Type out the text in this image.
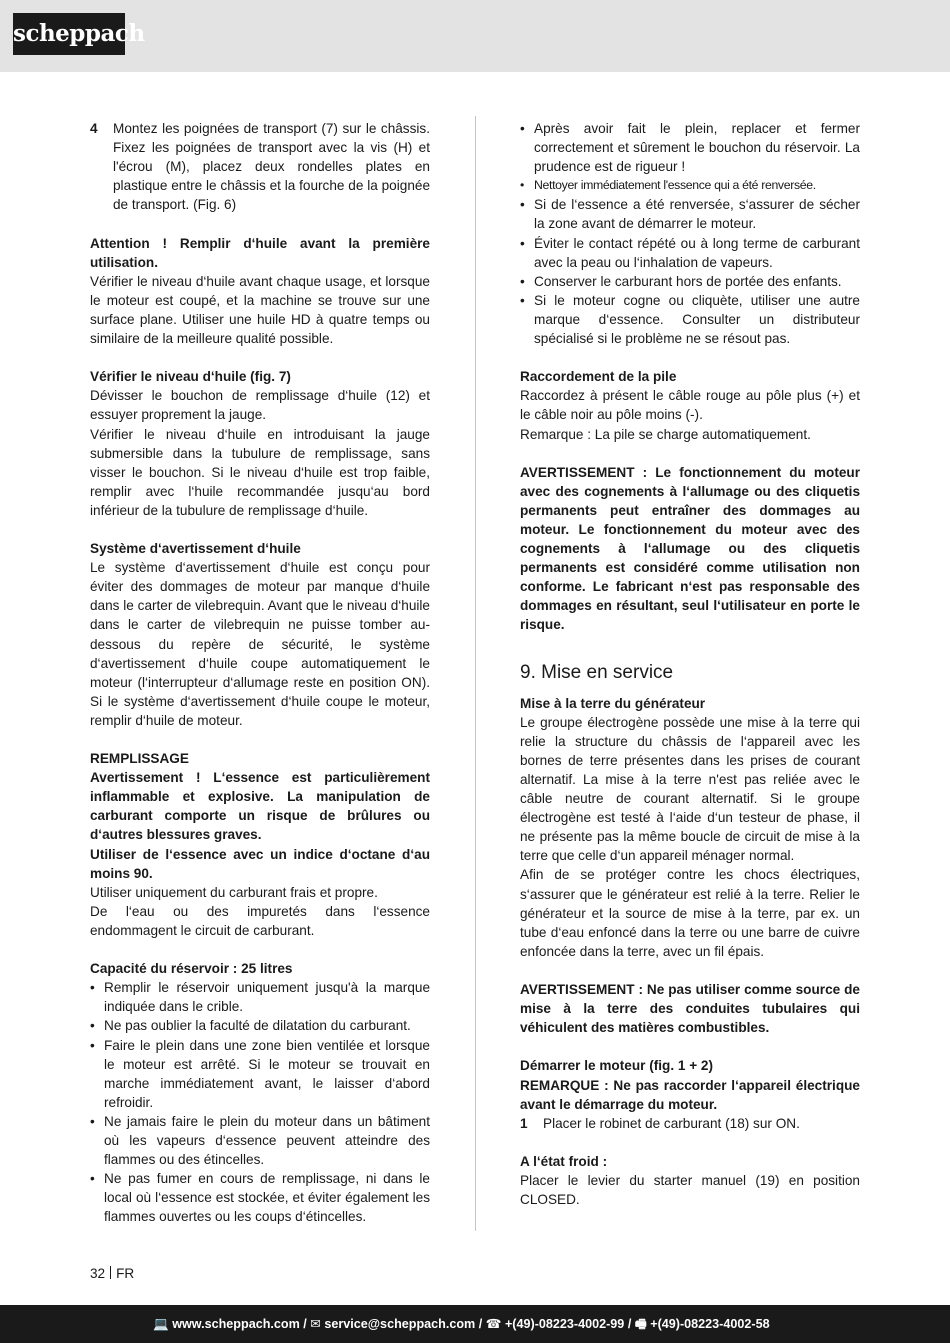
scheppach
4	Montez les poignées de transport (7) sur le châssis. Fixez les poignées de transport avec la vis (H) et l'écrou (M), placez deux rondelles plates en plastique entre le châssis et la fourche de la poignée de transport. (Fig. 6)

Attention ! Remplir d‘huile avant la première utilisation.

Vérifier le niveau d‘huile avant chaque usage, et lorsque le moteur est coupé, et la machine se trouve sur une surface plane. Utiliser une huile HD à quatre temps ou similaire de la meilleure qualité possible.

Vérifier le niveau d‘huile (fig. 7)

Dévisser le bouchon de remplissage d‘huile (12) et essuyer proprement la jauge.

Vérifier le niveau d‘huile en introduisant la jauge submersible dans la tubulure de remplissage, sans visser le bouchon. Si le niveau d‘huile est trop faible, remplir avec l‘huile recommandée jusqu‘au bord inférieur de la tubulure de remplissage d‘huile.

Système d‘avertissement d‘huile

Le système d‘avertissement d‘huile est conçu pour éviter des dommages de moteur par manque d‘huile dans le carter de vilebrequin. Avant que le niveau d‘huile dans le carter de vilebrequin ne puisse tomber au-dessous du repère de sécurité, le système d‘avertissement d‘huile coupe automatiquement le moteur (l‘interrupteur d‘allumage reste en position ON). Si le système d‘avertissement d‘huile coupe le moteur, remplir d‘huile de moteur.

REMPLISSAGE

Avertissement ! L‘essence est particulièrement inflammable et explosive. La manipulation de carburant comporte un risque de brûlures ou d‘autres blessures graves.

Utiliser de l‘essence avec un indice d‘octane d‘au moins 90.

Utiliser uniquement du carburant frais et propre.

De l‘eau ou des impuretés dans l‘essence endommagent le circuit de carburant.

Capacité du réservoir : 25 litres

• Remplir le réservoir uniquement jusqu'à la marque indiquée dans le crible.
• Ne pas oublier la faculté de dilatation du carburant.
• Faire le plein dans une zone bien ventilée et lorsque le moteur est arrêté. Si le moteur se trouvait en marche immédiatement avant, le laisser d‘abord refroidir.
• Ne jamais faire le plein du moteur dans un bâtiment où les vapeurs d‘essence peuvent atteindre des flammes ou des étincelles.
• Ne pas fumer en cours de remplissage, ni dans le local où l‘essence est stockée, et éviter également les flammes ouvertes ou les coups d‘étincelles.
• Après avoir fait le plein, replacer et fermer correctement et sûrement le bouchon du réservoir. La prudence est de rigueur !
• Nettoyer immédiatement l'essence qui a été renversée.
• Si de l‘essence a été renversée, s‘assurer de sécher la zone avant de démarrer le moteur.
• Éviter le contact répété ou à long terme de carburant avec la peau ou l‘inhalation de vapeurs.
• Conserver le carburant hors de portée des enfants.
• Si le moteur cogne ou cliquète, utiliser une autre marque d‘essence. Consulter un distributeur spécialisé si le problème ne se résout pas.

Raccordement de la pile

Raccordez à présent le câble rouge au pôle plus (+) et le câble noir au pôle moins (-).

Remarque : La pile se charge automatiquement.

AVERTISSEMENT : Le fonctionnement du moteur avec des cognements à l‘allumage ou des cliquetis permanents peut entraîner des dommages au moteur. Le fonctionnement du moteur avec des cognements à l‘allumage ou des cliquetis permanents est considéré comme utilisation non conforme. Le fabricant n‘est pas responsable des dommages en résultant, seul l‘utilisateur en porte le risque.

9. Mise en service

Mise à la terre du générateur

Le groupe électrogène possède une mise à la terre qui relie la structure du châssis de l‘appareil avec les bornes de terre présentes dans les prises de courant alternatif. La mise à la terre n'est pas reliée avec le câble neutre de courant alternatif. Si le groupe électrogène est testé à l‘aide d‘un testeur de phase, il ne présente pas la même boucle de circuit de mise à la terre que celle d‘un appareil ménager normal.

Afin de se protéger contre les chocs électriques, s‘assurer que le générateur est relié à la terre. Relier le générateur et la source de mise à la terre, par ex. un tube d‘eau enfoncé dans la terre ou une barre de cuivre enfoncée dans la terre, avec un fil épais.

AVERTISSEMENT : Ne pas utiliser comme source de mise à la terre des conduites tubulaires qui véhiculent des matières combustibles.

Démarrer le moteur (fig. 1 + 2)

REMARQUE : Ne pas raccorder l‘appareil électrique avant le démarrage du moteur.

1	Placer le robinet de carburant (18) sur ON.

A l‘état froid :

Placer le levier du starter manuel (19) en position CLOSED.

32 FR
💻 www.scheppach.com / ✉ service@scheppach.com / ☎ +(49)-08223-4002-99 / 🖷 +(49)-08223-4002-58
